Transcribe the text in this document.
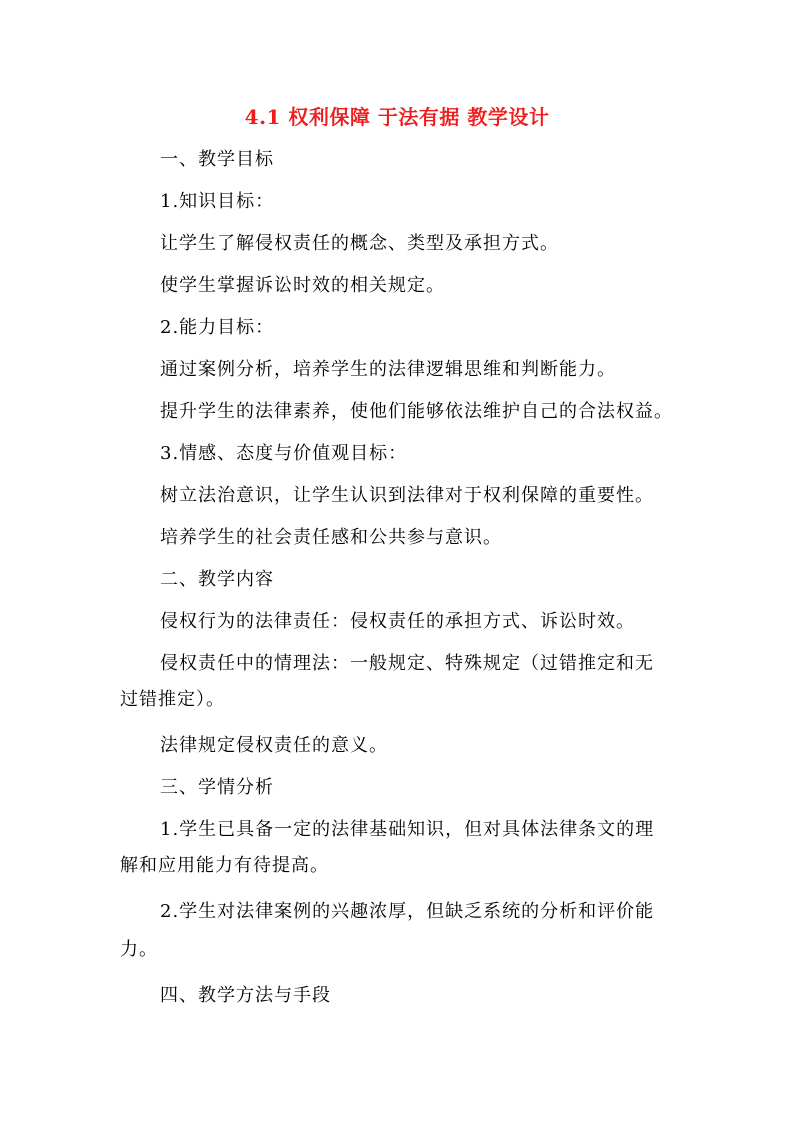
4.1 权利保障 于法有据 教学设计
一、教学目标
1.知识目标：
让学生了解侵权责任的概念、类型及承担方式。
使学生掌握诉讼时效的相关规定。
2.能力目标：
通过案例分析，培养学生的法律逻辑思维和判断能力。
提升学生的法律素养，使他们能够依法维护自己的合法权益。
3.情感、态度与价值观目标：
树立法治意识，让学生认识到法律对于权利保障的重要性。
培养学生的社会责任感和公共参与意识。
二、教学内容
侵权行为的法律责任：侵权责任的承担方式、诉讼时效。
侵权责任中的情理法：一般规定、特殊规定（过错推定和无
过错推定）。
法律规定侵权责任的意义。
三、学情分析
1.学生已具备一定的法律基础知识，但对具体法律条文的理
解和应用能力有待提高。
2.学生对法律案例的兴趣浓厚，但缺乏系统的分析和评价能
力。
四、教学方法与手段
